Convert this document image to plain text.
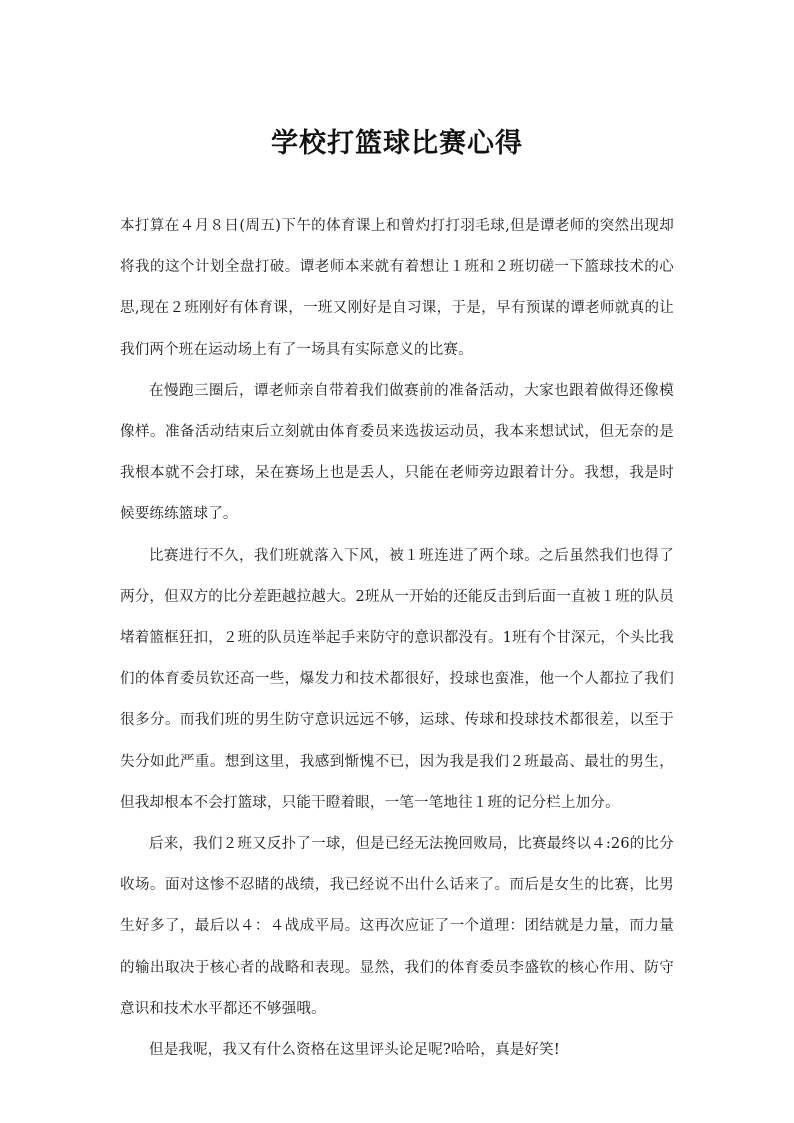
学校打篮球比赛心得

本打算在４月８日(周五)下午的体育课上和曾灼打打羽毛球,但是谭老师的突然出现却将我的这个计划全盘打破。谭老师本来就有着想让１班和２班切磋一下篮球技术的心思,现在２班刚好有体育课，一班又刚好是自习课，于是，早有预谋的谭老师就真的让我们两个班在运动场上有了一场具有实际意义的比赛。

在慢跑三圈后，谭老师亲自带着我们做赛前的准备活动，大家也跟着做得还像模像样。准备活动结束后立刻就由体育委员来选拔运动员，我本来想试试，但无奈的是我根本就不会打球，呆在赛场上也是丢人，只能在老师旁边跟着计分。我想，我是时候要练练篮球了。

比赛进行不久，我们班就落入下风，被１班连进了两个球。之后虽然我们也得了两分，但双方的比分差距越拉越大。2班从一开始的还能反击到后面一直被１班的队员堵着篮框狂扣，２班的队员连举起手来防守的意识都没有。1班有个甘深元，个头比我们的体育委员钦还高一些，爆发力和技术都很好，投球也蛮准，他一个人都拉了我们很多分。而我们班的男生防守意识远远不够，运球、传球和投球技术都很差，以至于失分如此严重。想到这里，我感到惭愧不已，因为我是我们２班最高、最壮的男生，但我却根本不会打篮球，只能干瞪着眼，一笔一笔地往１班的记分栏上加分。

后来，我们２班又反扑了一球，但是已经无法挽回败局，比赛最终以４:26的比分收场。面对这惨不忍睹的战绩，我已经说不出什么话来了。而后是女生的比赛，比男生好多了，最后以４：４战成平局。这再次应证了一个道理：团结就是力量，而力量的输出取决于核心者的战略和表现。显然，我们的体育委员李盛钦的核心作用、防守意识和技术水平都还不够强哦。

但是我呢，我又有什么资格在这里评头论足呢?哈哈，真是好笑!
